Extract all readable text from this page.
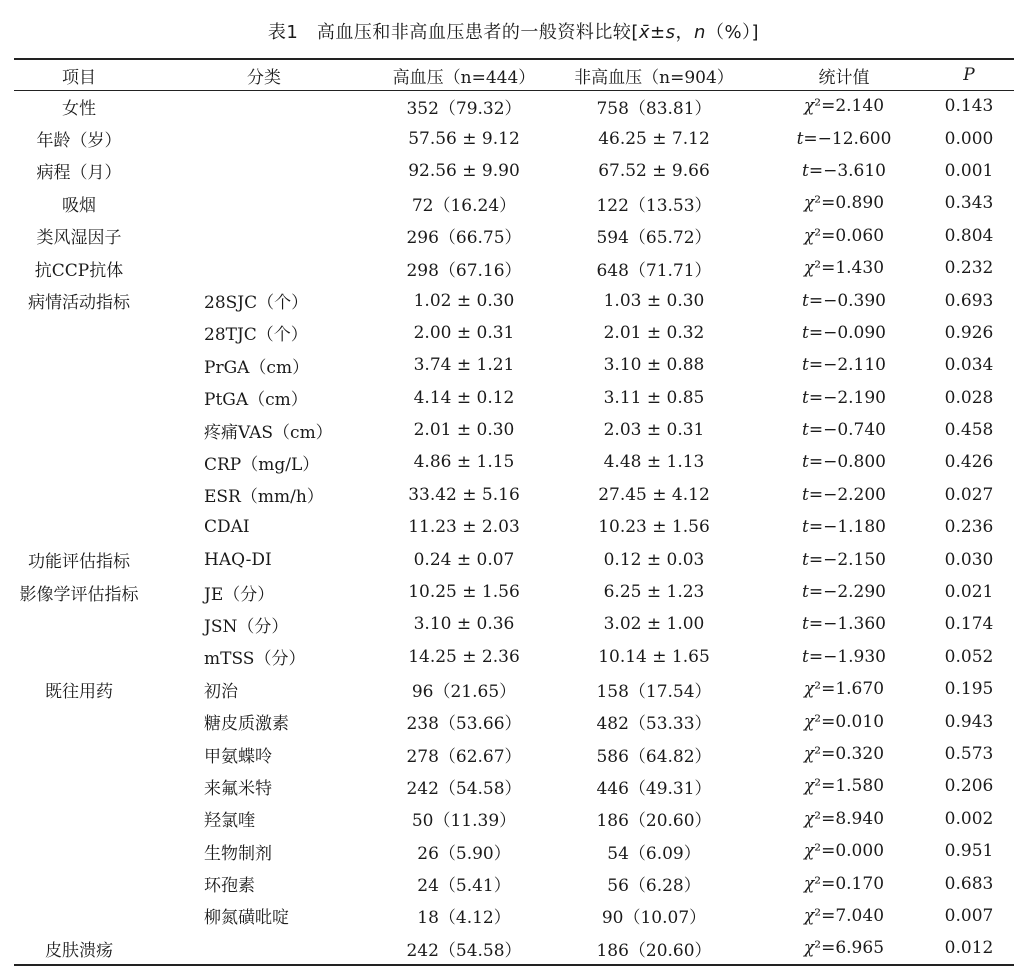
表1　高血压和非高血压患者的一般资料比较[x̄±s，n（%）]
项目	分类	高血压（n=444）	非高血压（n=904）	统计值	P
女性		352（79.32）	758（83.81）	χ²=2.140	0.143
年龄（岁）		57.56 ± 9.12	46.25 ± 7.12	t=−12.600	0.000
病程（月）		92.56 ± 9.90	67.52 ± 9.66	t=−3.610	0.001
吸烟		72（16.24）	122（13.53）	χ²=0.890	0.343
类风湿因子		296（66.75）	594（65.72）	χ²=0.060	0.804
抗CCP抗体		298（67.16）	648（71.71）	χ²=1.430	0.232
病情活动指标	28SJC（个）	1.02 ± 0.30	1.03 ± 0.30	t=−0.390	0.693
	28TJC（个）	2.00 ± 0.31	2.01 ± 0.32	t=−0.090	0.926
	PrGA（cm）	3.74 ± 1.21	3.10 ± 0.88	t=−2.110	0.034
	PtGA（cm）	4.14 ± 0.12	3.11 ± 0.85	t=−2.190	0.028
	疼痛VAS（cm）	2.01 ± 0.30	2.03 ± 0.31	t=−0.740	0.458
	CRP（mg/L）	4.86 ± 1.15	4.48 ± 1.13	t=−0.800	0.426
	ESR（mm/h）	33.42 ± 5.16	27.45 ± 4.12	t=−2.200	0.027
	CDAI	11.23 ± 2.03	10.23 ± 1.56	t=−1.180	0.236
功能评估指标	HAQ-DI	0.24 ± 0.07	0.12 ± 0.03	t=−2.150	0.030
影像学评估指标	JE（分）	10.25 ± 1.56	6.25 ± 1.23	t=−2.290	0.021
	JSN（分）	3.10 ± 0.36	3.02 ± 1.00	t=−1.360	0.174
	mTSS（分）	14.25 ± 2.36	10.14 ± 1.65	t=−1.930	0.052
既往用药	初治	96（21.65）	158（17.54）	χ²=1.670	0.195
	糖皮质激素	238（53.66）	482（53.33）	χ²=0.010	0.943
	甲氨蝶呤	278（62.67）	586（64.82）	χ²=0.320	0.573
	来氟米特	242（54.58）	446（49.31）	χ²=1.580	0.206
	羟氯喹	50（11.39）	186（20.60）	χ²=8.940	0.002
	生物制剂	26（5.90）	54（6.09）	χ²=0.000	0.951
	环孢素	24（5.41）	56（6.28）	χ²=0.170	0.683
	柳氮磺吡啶	18（4.12）	90（10.07）	χ²=7.040	0.007
皮肤溃疡		242（54.58）	186（20.60）	χ²=6.965	0.012
